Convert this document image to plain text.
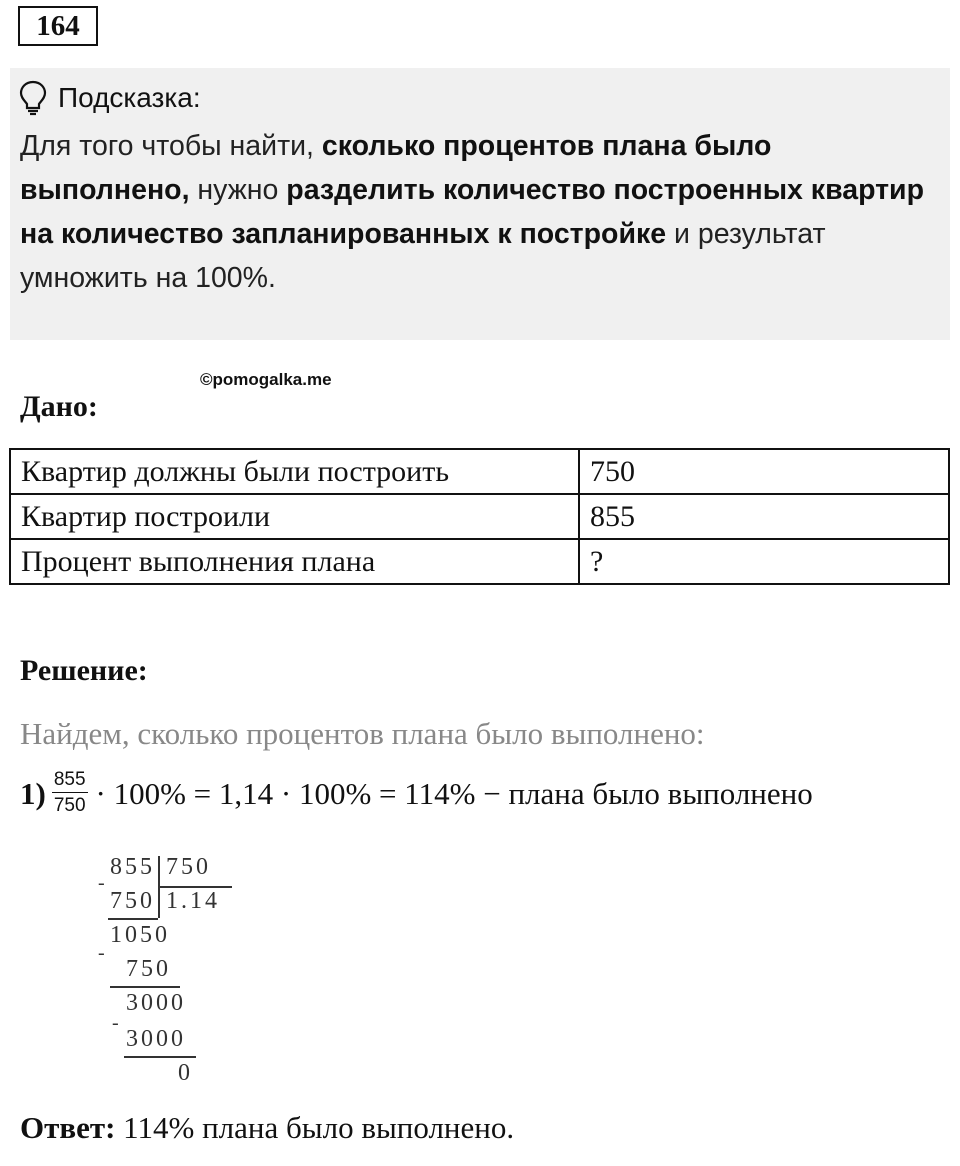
164
Подсказка:
Для того чтобы найти, сколько процентов плана было выполнено, нужно разделить количество построенных квартир на количество запланированных к постройке и результат умножить на 100%.
©pomogalka.me
Дано:
Квартир должны были построить	750
Квартир построили	855
Процент выполнения плана	?
Решение:
Найдем, сколько процентов плана было выполнено:
$1) \frac{855}{750} \cdot 100\% = 1,14 \cdot 100\% = 114\%$ − плана было выполнено
855 750
-
750 1.14
1050
-
750
3000
-
3000
0
Ответ: 114% плана было выполнено.
